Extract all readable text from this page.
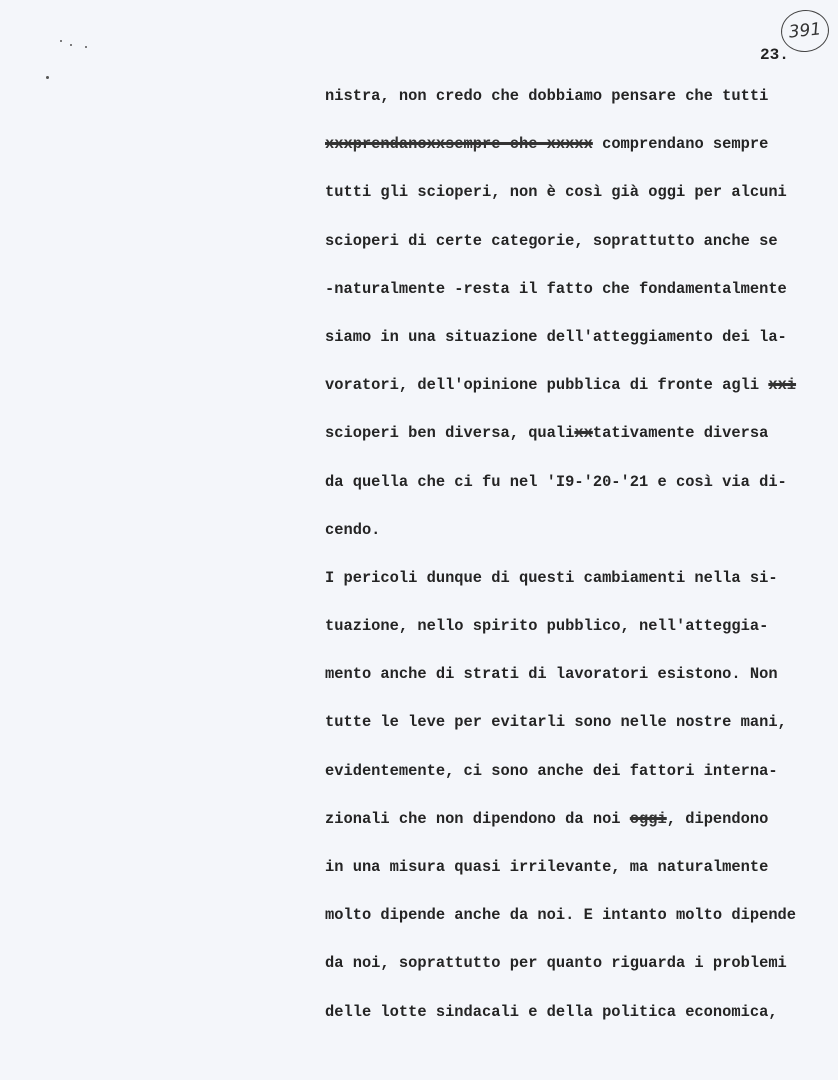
391
23.
nistra, non credo che dobbiamo pensare che tutti
xxxprendanoxxsempre che xxxxx comprendano sempre
tutti gli scioperi, non è così già oggi per alcuni
scioperi di certe categorie, soprattutto anche se
-naturalmente -resta il fatto che fondamentalmente
siamo in una situazione dell'atteggiamento dei la-
voratori, dell'opinione pubblica di fronte agli xxi
scioperi ben diversa, qualixxtativamente diversa
da quella che ci fu nel 'I9-'20-'21 e così via di-
cendo.
I pericoli dunque di questi cambiamenti nella si-
tuazione, nello spirito pubblico, nell'atteggia-
mento anche di strati di lavoratori esistono. Non
tutte le leve per evitarli sono nelle nostre mani,
evidentemente, ci sono anche dei fattori interna-
zionali che non dipendono da noi oggi, dipendono
in una misura quasi irrilevante, ma naturalmente
molto dipende anche da noi. E intanto molto dipende
da noi, soprattutto per quanto riguarda i problemi
delle lotte sindacali e della politica economica,
